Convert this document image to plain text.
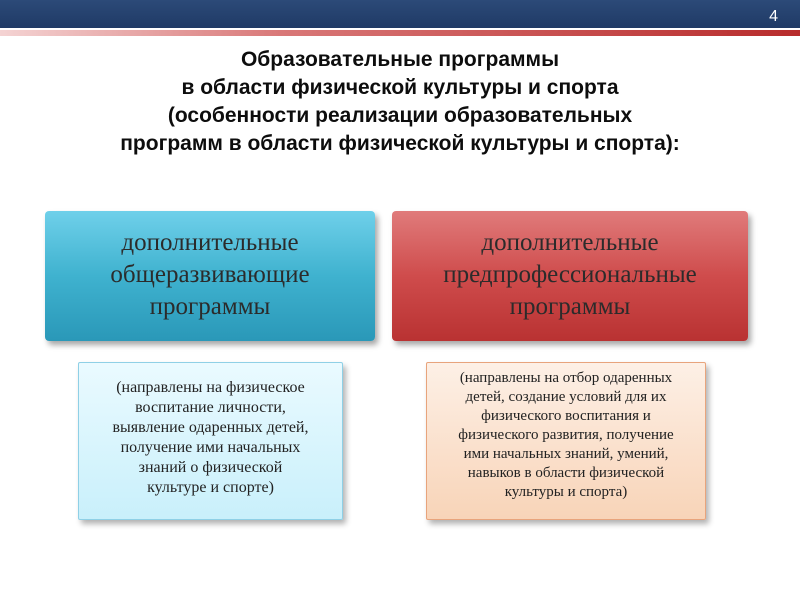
4
Образовательные программы
в области физической культуры и спорта
(особенности реализации образовательных
программ в области физической культуры и спорта):
дополнительные
общеразвивающие
программы
дополнительные
предпрофессиональные
программы
(направлены на физическое
воспитание личности,
выявление одаренных детей,
получение ими начальных
знаний о физической
культуре и спорте)
(направлены на отбор одаренных
детей, создание условий для их
физического воспитания и
физического развития, получение
ими начальных знаний, умений,
навыков в области физической
культуры и спорта)
